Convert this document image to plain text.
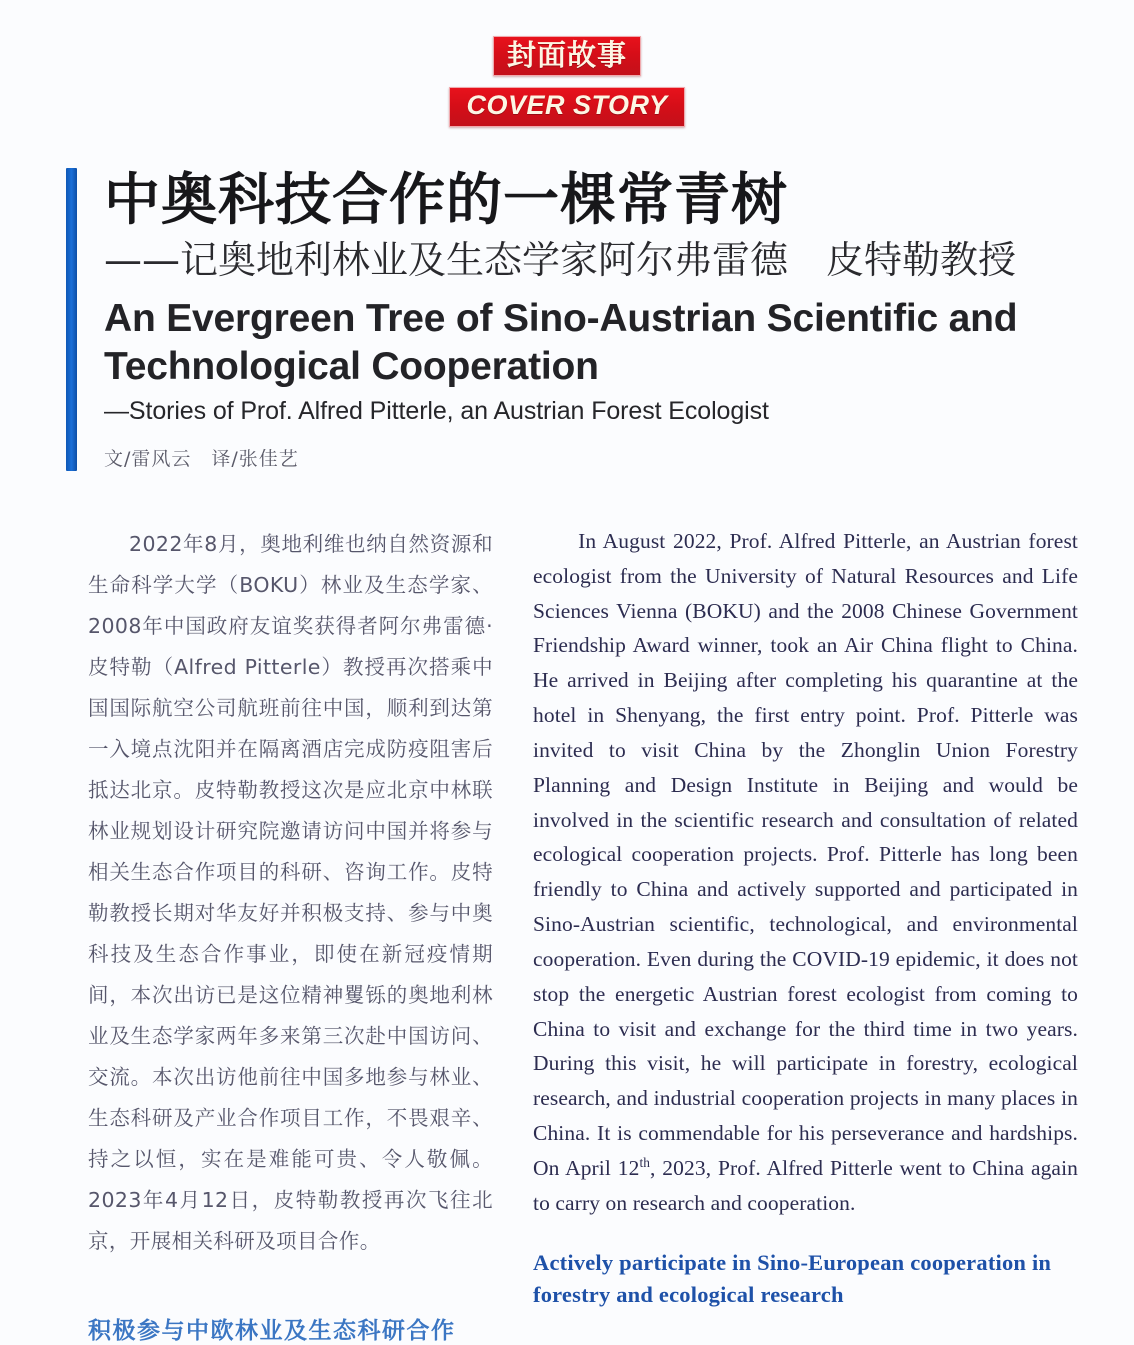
封面故事
COVER STORY
中奥科技合作的一棵常青树
——记奥地利林业及生态学家阿尔弗雷德　皮特勒教授
An Evergreen Tree of Sino-Austrian Scientific and Technological Cooperation
—Stories of Prof. Alfred Pitterle, an Austrian Forest Ecologist
文/雷风云　译/张佳艺

2022年8月，奥地利维也纳自然资源和生命科学大学（BOKU）林业及生态学家、2008年中国政府友谊奖获得者阿尔弗雷德·皮特勒（Alfred Pitterle）教授再次搭乘中国国际航空公司航班前往中国，顺利到达第一入境点沈阳并在隔离酒店完成防疫阻害后抵达北京。皮特勒教授这次是应北京中林联林业规划设计研究院邀请访问中国并将参与相关生态合作项目的科研、咨询工作。皮特勒教授长期对华友好并积极支持、参与中奥科技及生态合作事业，即使在新冠疫情期间，本次出访已是这位精神矍铄的奥地利林业及生态学家两年多来第三次赴中国访问、交流。本次出访他前往中国多地参与林业、生态科研及产业合作项目工作，不畏艰辛、持之以恒，实在是难能可贵、令人敬佩。2023年4月12日，皮特勒教授再次飞往北京，开展相关科研及项目合作。

积极参与中欧林业及生态科研合作

In August 2022, Prof. Alfred Pitterle, an Austrian forest ecologist from the University of Natural Resources and Life Sciences Vienna (BOKU) and the 2008 Chinese Government Friendship Award winner, took an Air China flight to China. He arrived in Beijing after completing his quarantine at the hotel in Shenyang, the first entry point. Prof. Pitterle was invited to visit China by the Zhonglin Union Forestry Planning and Design Institute in Beijing and would be involved in the scientific research and consultation of related ecological cooperation projects. Prof. Pitterle has long been friendly to China and actively supported and participated in Sino-Austrian scientific, technological, and environmental cooperation. Even during the COVID-19 epidemic, it does not stop the energetic Austrian forest ecologist from coming to China to visit and exchange for the third time in two years. During this visit, he will participate in forestry, ecological research, and industrial cooperation projects in many places in China. It is commendable for his perseverance and hardships. On April 12th, 2023, Prof. Alfred Pitterle went to China again to carry on research and cooperation.

Actively participate in Sino-European cooperation in forestry and ecological research
